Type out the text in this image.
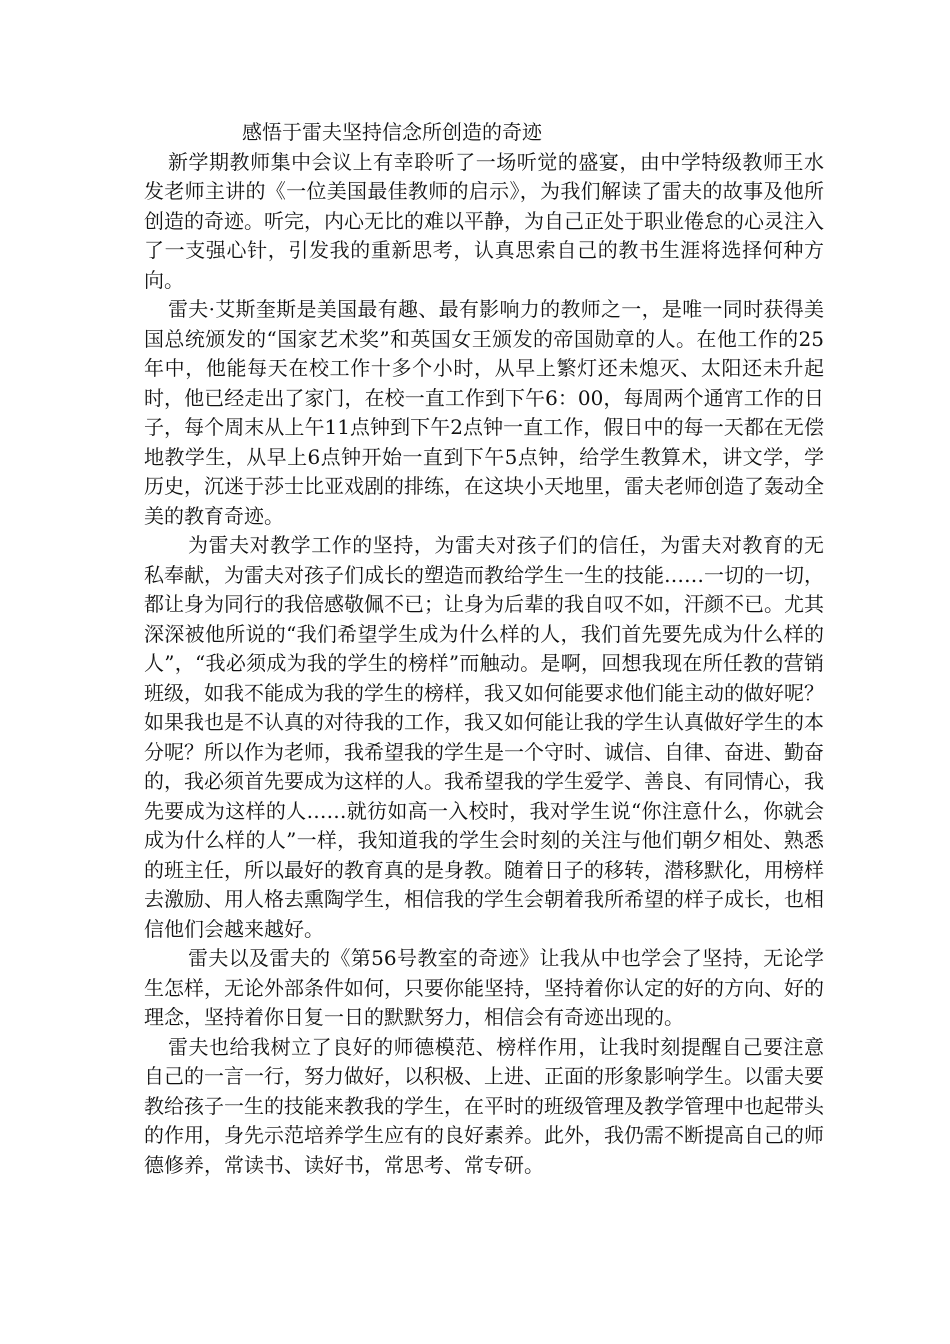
感悟于雷夫坚持信念所创造的奇迹

新学期教师集中会议上有幸聆听了一场听觉的盛宴，由中学特级教师王水发老师主讲的《一位美国最佳教师的启示》，为我们解读了雷夫的故事及他所创造的奇迹。听完，内心无比的难以平静，为自己正处于职业倦怠的心灵注入了一支强心针，引发我的重新思考，认真思索自己的教书生涯将选择何种方向。

雷夫·艾斯奎斯是美国最有趣、最有影响力的教师之一，是唯一同时获得美国总统颁发的“国家艺术奖”和英国女王颁发的帝国勋章的人。在他工作的25年中，他能每天在校工作十多个小时，从早上繁灯还未熄灭、太阳还未升起时，他已经走出了家门，在校一直工作到下午6：00，每周两个通宵工作的日子，每个周末从上午11点钟到下午2点钟一直工作，假日中的每一天都在无偿地教学生，从早上6点钟开始一直到下午5点钟，给学生教算术，讲文学，学历史，沉迷于莎士比亚戏剧的排练，在这块小天地里，雷夫老师创造了轰动全美的教育奇迹。

为雷夫对教学工作的坚持，为雷夫对孩子们的信任，为雷夫对教育的无私奉献，为雷夫对孩子们成长的塑造而教给学生一生的技能……一切的一切，都让身为同行的我倍感敬佩不已；让身为后辈的我自叹不如，汗颜不已。尤其深深被他所说的“我们希望学生成为什么样的人，我们首先要先成为什么样的人”，“我必须成为我的学生的榜样”而触动。是啊，回想我现在所任教的营销班级，如我不能成为我的学生的榜样，我又如何能要求他们能主动的做好呢？如果我也是不认真的对待我的工作，我又如何能让我的学生认真做好学生的本分呢？所以作为老师，我希望我的学生是一个守时、诚信、自律、奋进、勤奋的，我必须首先要成为这样的人。我希望我的学生爱学、善良、有同情心，我先要成为这样的人……就彷如高一入校时，我对学生说“你注意什么，你就会成为什么样的人”一样，我知道我的学生会时刻的关注与他们朝夕相处、熟悉的班主任，所以最好的教育真的是身教。随着日子的移转，潜移默化，用榜样去激励、用人格去熏陶学生，相信我的学生会朝着我所希望的样子成长，也相信他们会越来越好。

雷夫以及雷夫的《第56号教室的奇迹》让我从中也学会了坚持，无论学生怎样，无论外部条件如何，只要你能坚持，坚持着你认定的好的方向、好的理念，坚持着你日复一日的默默努力，相信会有奇迹出现的。

雷夫也给我树立了良好的师德模范、榜样作用，让我时刻提醒自己要注意自己的一言一行，努力做好，以积极、上进、正面的形象影响学生。以雷夫要教给孩子一生的技能来教我的学生，在平时的班级管理及教学管理中也起带头的作用，身先示范培养学生应有的良好素养。此外，我仍需不断提高自己的师德修养，常读书、读好书，常思考、常专研。
